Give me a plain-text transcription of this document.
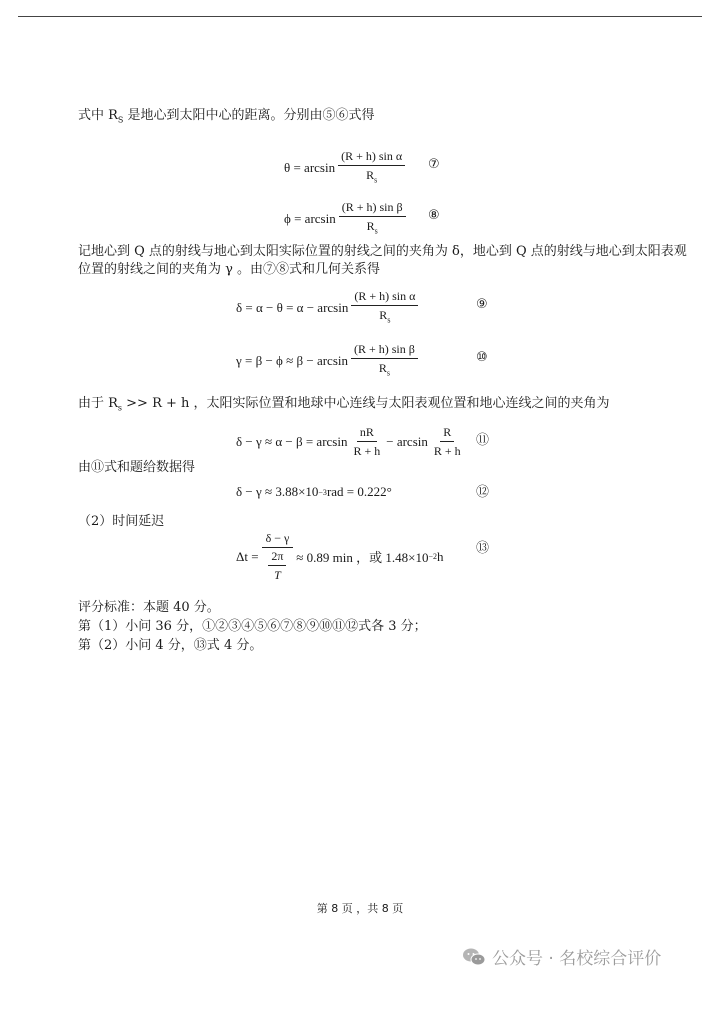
式中 $R_S$ 是地心到太阳中心的距离。分别由⑤⑥式得
$\theta = \arcsin \frac{\text{(R + h) sin α}}{R_s}$ ⑦
$\phi = \arcsin \frac{\text{(R + h) sin β}}{R_s}$ ⑧
记地心到 Q 点的射线与地心到太阳实际位置的射线之间的夹角为 δ，地心到 Q 点的射线与地心到太阳表观
位置的射线之间的夹角为 γ 。由⑦⑧式和几何关系得
$\delta = \alpha - \theta = \alpha - \arcsin \frac{\text{(R + h) sin α}}{R_s}$	⑨
$\gamma = \beta - \phi \approx \beta - \arcsin \frac{\text{(R + h) sin β}}{R_s}$	⑩
由于 $R_s >> R + h$ ，太阳实际位置和地球中心连线与太阳表观位置和地心连线之间的夹角为
$\delta - \gamma \approx \alpha - \beta = \arcsin \frac{nR}{R + h} - \arcsin \frac{R}{R + h}$ ⑪
由⑪式和题给数据得
δ − γ ≈ 3.88×10 −3 rad = 0.222°	⑫
（2）时间延迟
$\Delta t = \frac{\delta - \gamma}{\frac{2\pi}{T}} \approx 0.89$ min ，或 1.48×10 −2 h ⑬
评分标准：本题 40 分。
第（1）小问 36 分，①②③④⑤⑥⑦⑧⑨⑩⑪⑫式各 3 分；
第（2）小问 4 分，⑬式 4 分。
第 8 页 ，共 8 页
公众号 · 名校综合评价
